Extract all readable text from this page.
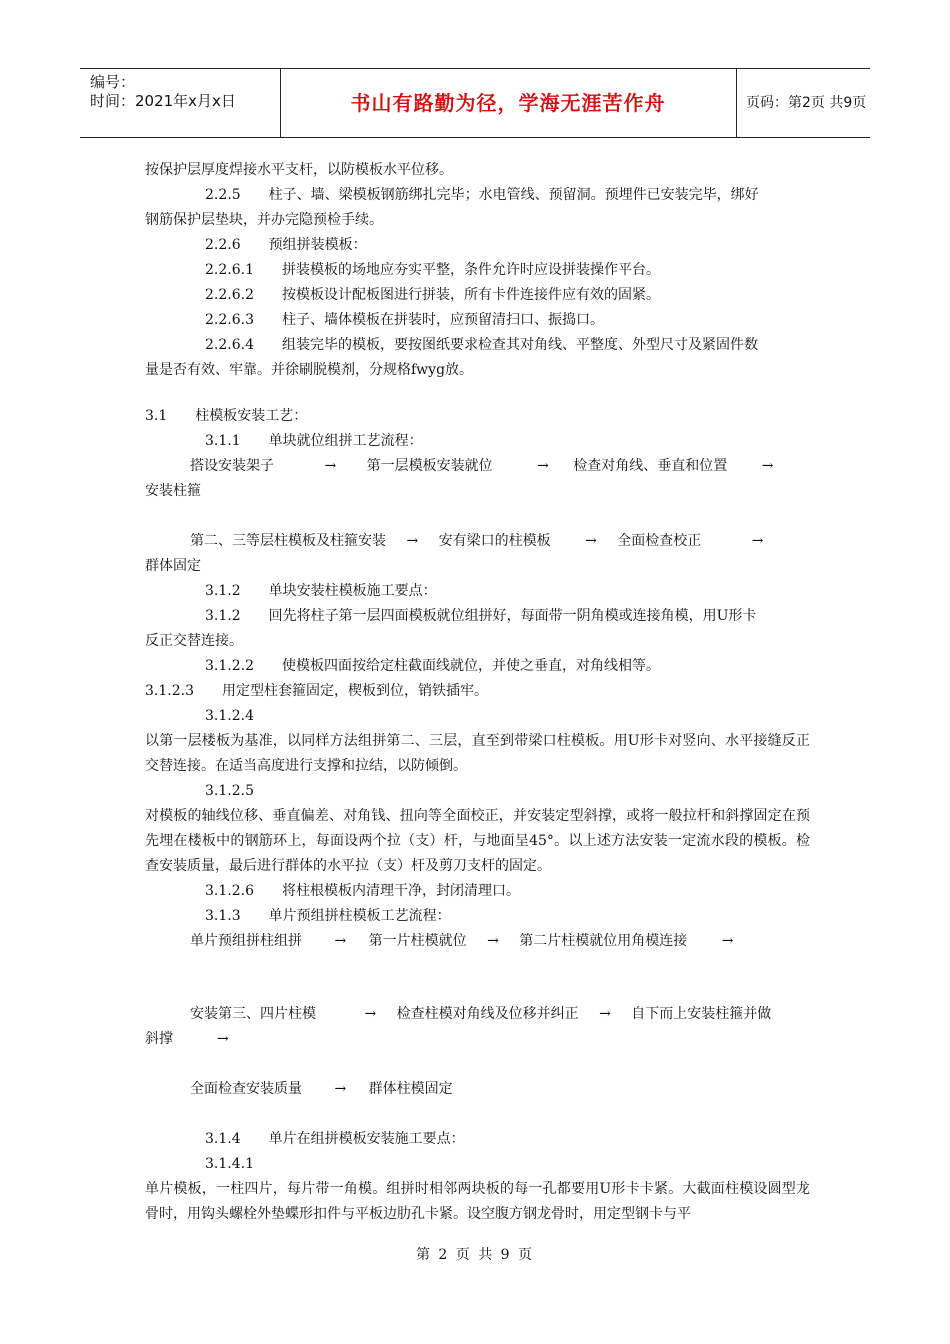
编号：
时间：2021年x月x日	书山有路勤为径，学海无涯苦作舟	页码：第2页 共9页
按保护层厚度焊接水平支杆，以防模板水平位移。
2.2.5　　 柱子、墙、梁模板钢筋绑扎完毕；水电管线、预留洞。预埋件已安装完毕，绑好
钢筋保护层垫块，并办完隐预检手续。
2.2.6　　预组拼装模板：
2.2.6.1　　拼装模板的场地应夯实平整，条件允许时应设拼装操作平台。
2.2.6.2　　按模板设计配板图进行拼装，所有卡件连接件应有效的固紧。
2.2.6.3　　柱子、墙体模板在拼装时，应预留清扫口、振捣口。
2.2.6.4　　 组装完毕的模板，要按图纸要求检查其对角线、平整度、外型尺寸及紧固件数
量是否有效、牢靠。并徐刷脱模剂，分规格fwyg放。
3.1　　柱模板安装工艺：
3.1.1　　单块就位组拼工艺流程：
搭设安装架子	→ 第一层模板安装就位	→ 检查对角线、垂直和位置 →
安装柱箍
第二、三等层柱模板及柱箍安装 → 安有梁口的柱模板 → 全面检查校正	→
群体固定
3.1.2　　单块安装柱模板施工要点：
3.1.2　　 回先将柱子第一层四面模板就位组拼好，每面带一阴角模或连接角模，用U形卡
反正交替连接。
3.1.2.2　　使模板四面按给定柱截面线就位，并使之垂直，对角线相等。
3.1.2.3　　用定型柱套箍固定，楔板到位，销铁插牢。
3.1.2.4
以第一层楼板为基准，以同样方法组拼第二、三层，直至到带梁口柱模板。用U形卡对竖向、水平接缝反正交替连接。在适当高度进行支撑和拉结，以防倾倒。
3.1.2.5
对模板的轴线位移、垂直偏差、对角钱、扭向等全面校正，并安装定型斜撑，或将一般拉杆和斜撑固定在预先埋在楼板中的钢筋环上，每面设两个拉（支）杆，与地面呈45°。以上述方法安装一定流水段的模板。检查安装质量，最后进行群体的水平拉（支）杆及剪刀支杆的固定。
3.1.2.6　　将柱根模板内清理干净，封闭清理口。
3.1.3　　单片预组拼柱模板工艺流程：
单片预组拼柱组拼 → 第一片柱模就位 → 第二片柱模就位用角模连接 →
安装第三、四片柱模	→ 检查柱模对角线及位移并纠正 → 自下而上安装柱箍并做
斜撑	→
全面检查安装质量 → 群体柱模固定
3.1.4　　单片在组拼模板安装施工要点：
3.1.4.1
单片模板，一柱四片，每片带一角模。组拼时相邻两块板的每一孔都要用U形卡卡紧。大截面柱模设圆型龙骨时，用钩头螺栓外垫蝶形扣件与平板边肋孔卡紧。设空腹方钢龙骨时，用定型钢卡与平
第 2 页 共 9 页
